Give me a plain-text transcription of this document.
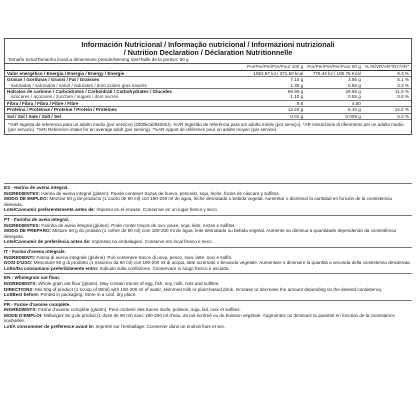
Información Nutricional / Informação nutricional / Informazioni nutrizionali
/ Nutrition Declaration / Déclaration Nutritionnelle
Tamaño toma/Tamanho leva/La dimensione prende/Serving size/Taille de la portion: 50 g
	Por/Per/Per/Per/Pour 100 g	Por/Per/Per/Per/Pour 50 g	% IR/VR/AR*/RI*/AR*
Valor energético / Energia / Energia / Energy / Énergie	1552.87 kJ / 371.50 kcal	776.44 kJ / 185.75 Kcal	9.3 %
Grasas / Gorduras / Grassi / Fat / Graisses	7.10 g	3.55 g	5.1 %
saturadas / saturados / saturi / saturates / dont acides gras saturés	1.30 g	0.65 g	3.3 %
Hidratos de carbono / Carboidratos / Carboidrati / Carbohydrates / Glucides	59.90 g	29.95 g	11.5 %
azúcares / açúcares / zuccheri / sugars / dont sucres	1.10 g	0.55 g	0.6 %
Fibra / Fibra / Fibra / Fibre / Fibre	9.6	4.80	
Proteína / Proteínas / Proteine / Protein / Protéines	12.20 g	6.10 g	12.2 %
Sal / Sal / Sale / Salt / Sel	0.01 g	0.005 g	0.2 %
*%IR Ingesta de referencia para un adulto medio (por servicio) (2000kcal/8400kJ). %VR Ingestão de referência para um adulto médio (por serviço). *AR Assunzione di riferimento per un adulto medio (per servizio). *%RI Reference intake for an average adult (per serving). *%AR Apport de référence pour un adulte moyen (par service).

ES - Harina de avena integral.

INGREDIENTES: Harina de avena integral (gluten). Puede contener trazas de huevo, pescado, soja, leche, frutos de cáscara y sulfitos.

MODO DE EMPLEO: Mezclar 50 g de producto (1 cacito de 90 ml) con 180-200 ml de agua, leche desnatada o bebida vegetal. Aumentar o disminuir la cantidad en función de la consistencia deseada.

Lote/Consumir preferentemente antes de: Impreso en el envase. Conservar en un lugar fresco y seco.

PT - Farinha de aveia integral.

INGREDIENTES: Farinha de aveia integral (glúten). Pode conter traços de ovo, peixe, soja, leite, nozes e sulfitos.

MODO DE PREPARO: Misture 50 g do produto (1 colher de 90 ml) com 180-200 ml de água, leite desnatado ou bebida vegetal. Aumente ou diminua a quantidade dependendo da consistência desejada.

Lote/Consumir de preferência antes de: Impressa na embalagem. Conserve em local fresco e seco.

IT - Farina d'avena integrale.

INGREDIENTI: Farina di avena integrale (glutine). Può contenere tracce di uova, pesce, soia, latte, noci e solfiti.

DOSI D'USO: Mescolare 50 g di prodotto (1 misurino da 90 ml) con 180-200 ml di acqua, latte scremato o bevanda vegetale. Aumentare o diminuire la quantità a seconda della consistenza desiderata.

Lotto/Da consumarsi preferibilmente entro: Indicato sulla confezione. Conservare in luogo fresco e asciutto.

EN - Wholegrain oat flour.

INGREDIENTS: Whole grain oat flour (gluten). May contain traces of egg, fish, soy, milk, nuts and sulfites.

DIRECTIONS: Mix 50g of product (1 scoop of 90ml) with 180-200 ml of water, skimmed milk or plant-based drink. Increase or decrease the amount depending on the desired consistency.

Lot/Best before: Printed in packaging. Store in a cool, dry place.

FR - Farine d'avoine complète.

INGRÉDIENTS: Farine d'avoine complète (gluten). Peut contenir des traces œufs, poisson, soja, lait, noix et sulfites.

MODE D'EMPLOI: Mélangez 50 g de produit (1 dose de 90 ml) avec 180-200 ml d'eau, de lait écrémé ou de boisson végétale. Augmentez ou diminuez la quantité en fonction de la consistance souhaitée.

Lot/A consommer de préférence avant le: Imprimé sur l'emballage. Conserver dans un endroit frais et sec.
